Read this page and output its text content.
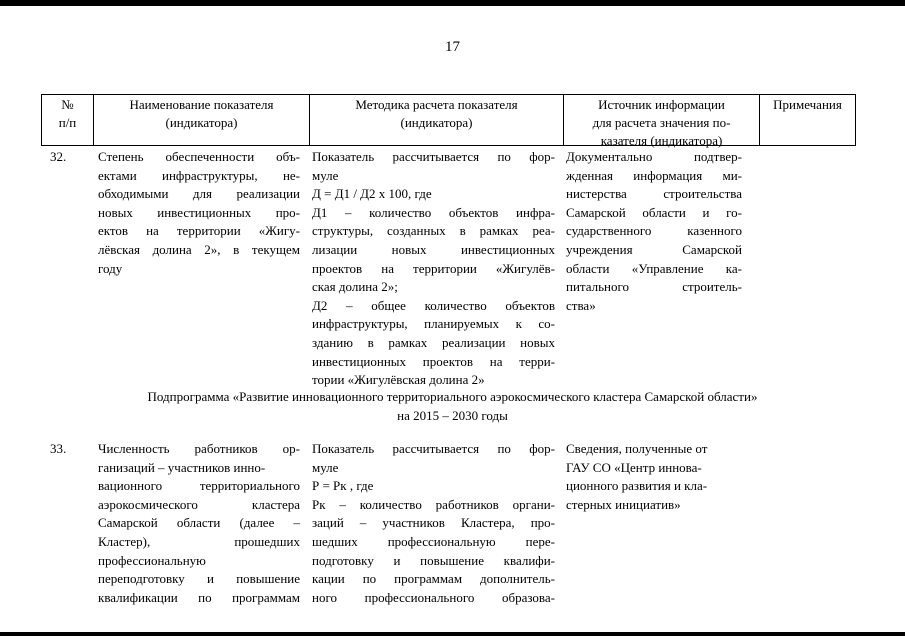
17
№
п/п
Наименование показателя
(индикатора)
Методика расчета показателя
(индикатора)
Источник информации
для расчета значения по-
казателя (индикатора)
Примечания
32. Степень обеспеченности объ-
ектами инфраструктуры, не-
обходимыми для реализации
новых инвестиционных про-
ектов на территории «Жигу-
лёвская долина 2», в текущем
году
Показатель рассчитывается по фор-
муле
Д = Д1 / Д2 х 100, где
Д1 – количество объектов инфра-
структуры, созданных в рамках реа-
лизации новых инвестиционных
проектов на территории «Жигулёв-
ская долина 2»;
Д2 – общее количество объектов
инфраструктуры, планируемых к со-
зданию в рамках реализации новых
инвестиционных проектов на терри-
тории «Жигулёвская долина 2»
Документально подтвер-
жденная информация ми-
нистерства строительства
Самарской области и го-
сударственного казенного
учреждения Самарской
области «Управление ка-
питального строитель-
ства»
Подпрограмма «Развитие инновационного территориального аэрокосмического кластера Самарской области»
на 2015 – 2030 годы
33. Численность работников ор-
ганизаций – участников инно-
вационного территориального
аэрокосмического кластера
Самарской области (далее –
Кластер), прошедших
профессиональную
переподготовку и повышение
квалификации по программам
Показатель рассчитывается по фор-
муле
Р = Рк , где
Рк – количество работников органи-
заций – участников Кластера, про-
шедших профессиональную пере-
подготовку и повышение квалифи-
кации по программам дополнитель-
ного профессионального образова-
Сведения, полученные от
ГАУ СО «Центр иннова-
ционного развития и кла-
стерных инициатив»
